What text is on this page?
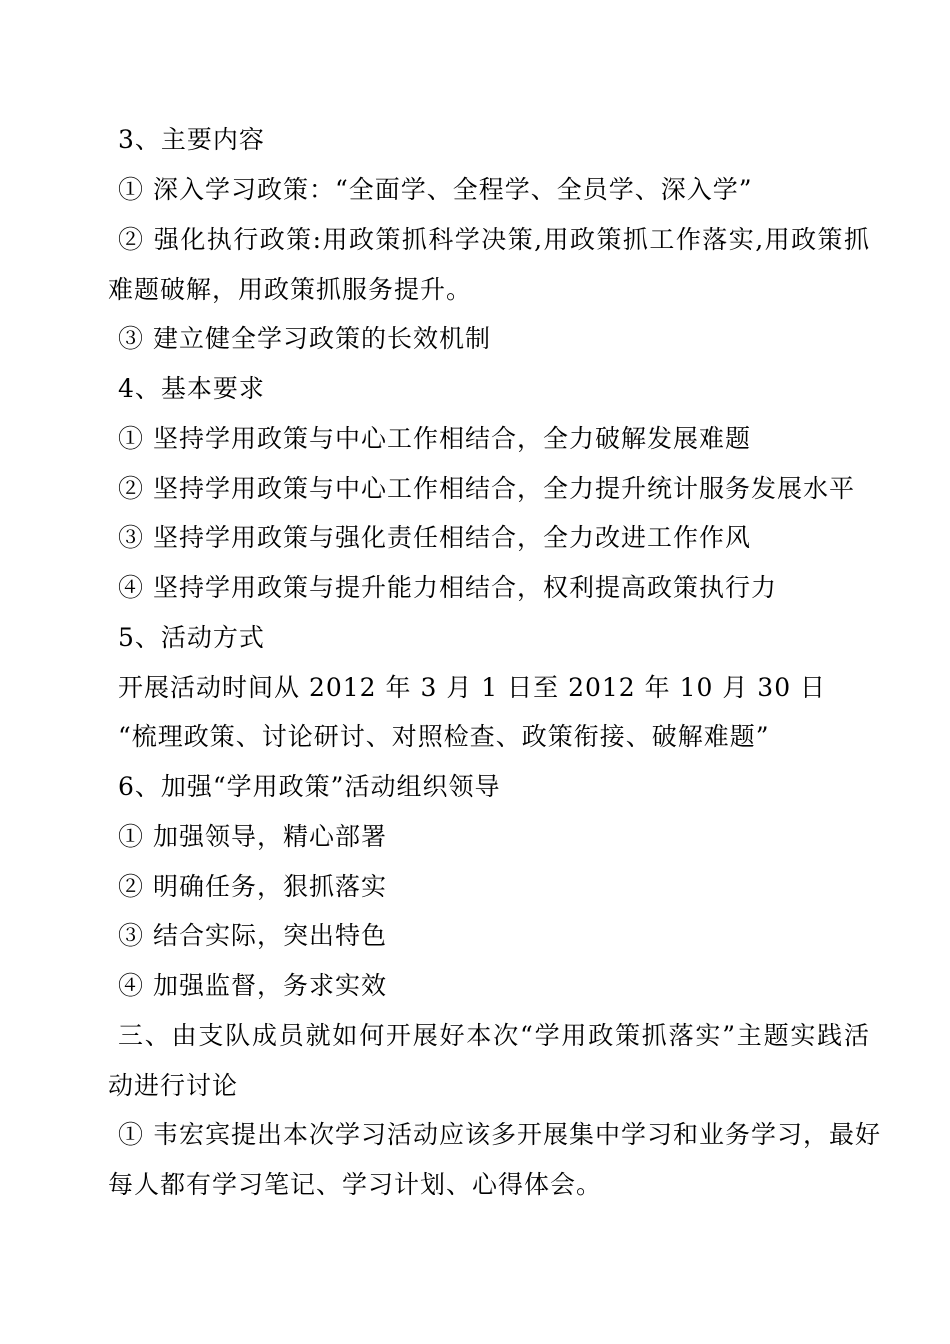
3、主要内容
① 深入学习政策：“全面学、全程学、全员学、深入学”
② 强化执行政策:用政策抓科学决策,用政策抓工作落实,用政策抓
难题破解，用政策抓服务提升。
③ 建立健全学习政策的长效机制
4、基本要求
① 坚持学用政策与中心工作相结合，全力破解发展难题
② 坚持学用政策与中心工作相结合，全力提升统计服务发展水平
③ 坚持学用政策与强化责任相结合，全力改进工作作风
④ 坚持学用政策与提升能力相结合，权利提高政策执行力
5、活动方式
开展活动时间从 2012 年 3 月 1 日至 2012 年 10 月 30 日
“梳理政策、讨论研讨、对照检查、政策衔接、破解难题”
6、加强“学用政策”活动组织领导
① 加强领导，精心部署
② 明确任务，狠抓落实
③ 结合实际，突出特色
④ 加强监督，务求实效
三、由支队成员就如何开展好本次“学用政策抓落实”主题实践活
动进行讨论
① 韦宏宾提出本次学习活动应该多开展集中学习和业务学习，最好
每人都有学习笔记、学习计划、心得体会。
